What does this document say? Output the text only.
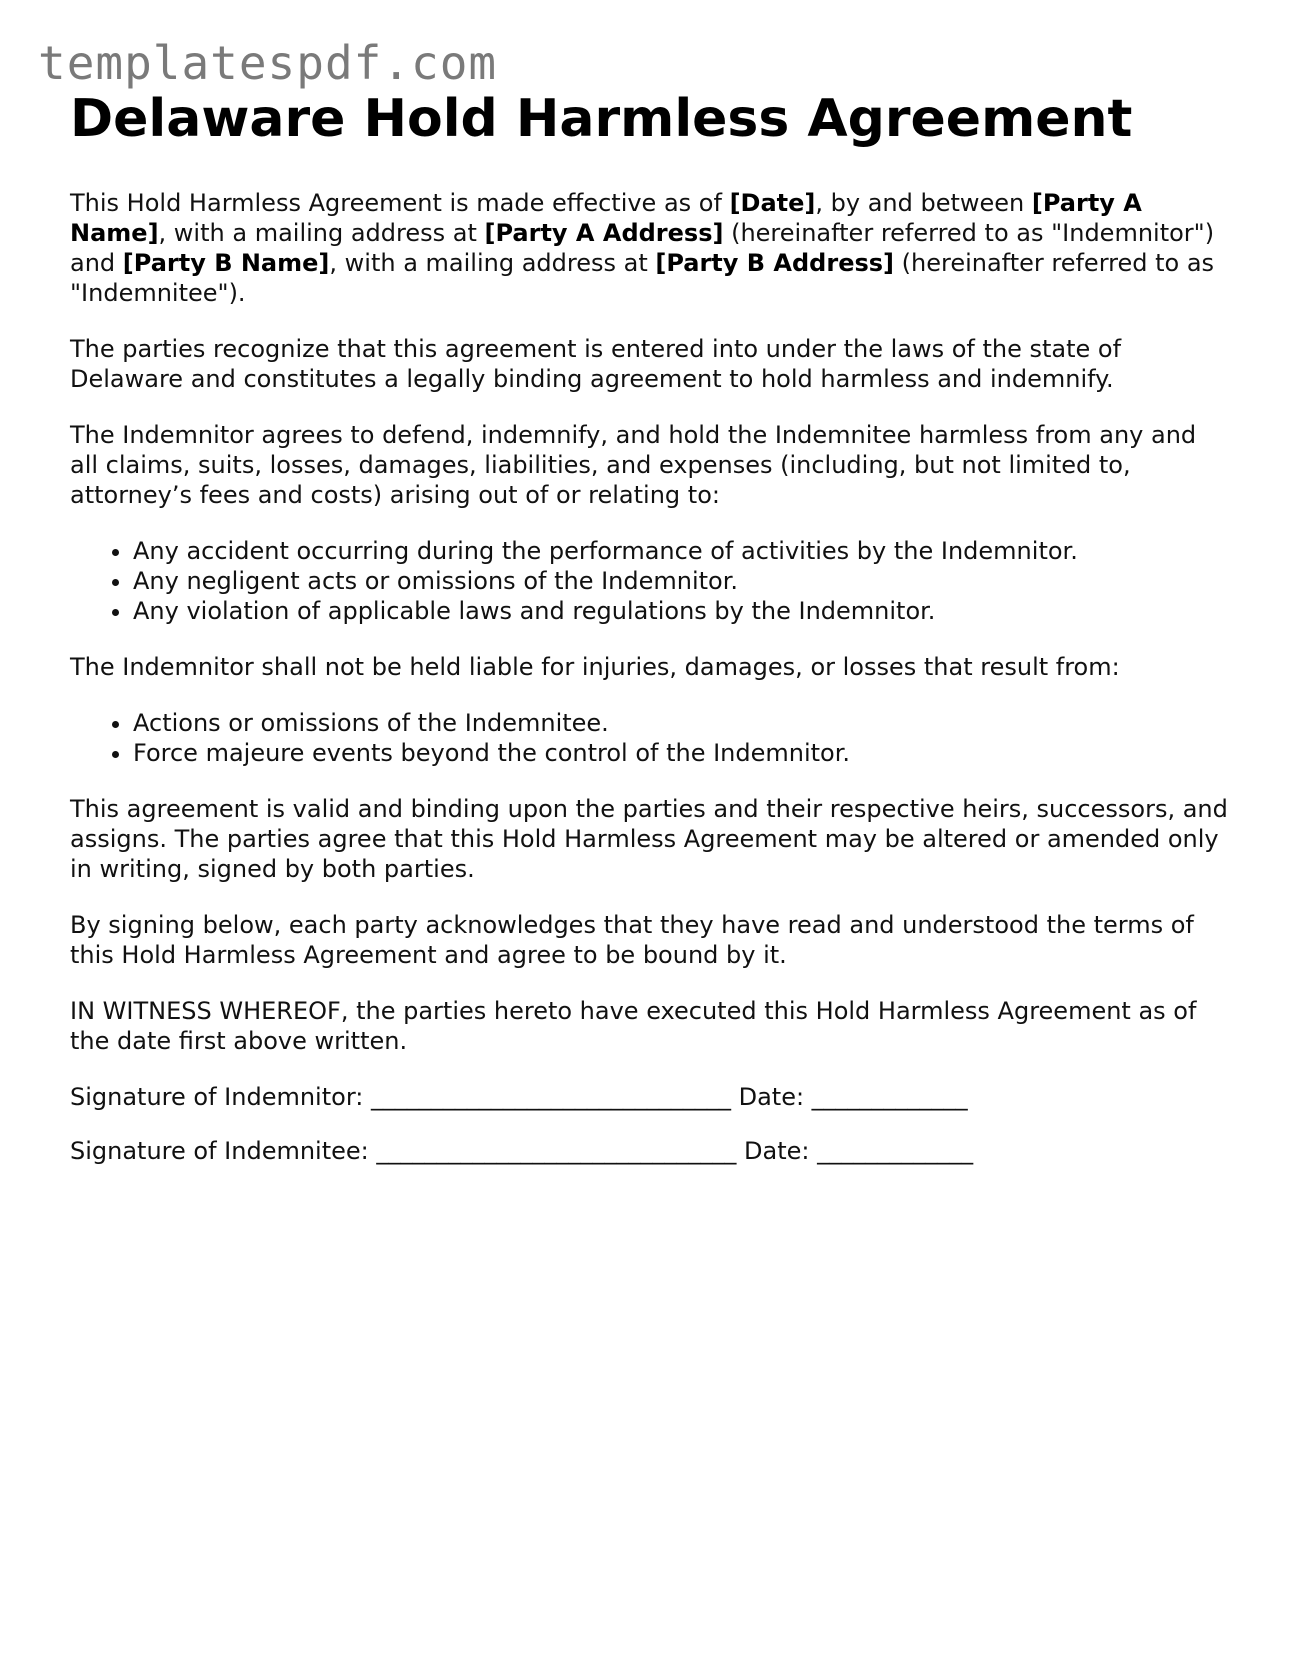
templatespdf.com
Delaware Hold Harmless Agreement

This Hold Harmless Agreement is made effective as of [Date], by and between [Party A Name], with a mailing address at [Party A Address] (hereinafter referred to as "Indemnitor") and [Party B Name], with a mailing address at [Party B Address] (hereinafter referred to as "Indemnitee").

The parties recognize that this agreement is entered into under the laws of the state of Delaware and constitutes a legally binding agreement to hold harmless and indemnify.

The Indemnitor agrees to defend, indemnify, and hold the Indemnitee harmless from any and all claims, suits, losses, damages, liabilities, and expenses (including, but not limited to, attorney’s fees and costs) arising out of or relating to:

• Any accident occurring during the performance of activities by the Indemnitor.
• Any negligent acts or omissions of the Indemnitor.
• Any violation of applicable laws and regulations by the Indemnitor.

The Indemnitor shall not be held liable for injuries, damages, or losses that result from:

• Actions or omissions of the Indemnitee.
• Force majeure events beyond the control of the Indemnitor.

This agreement is valid and binding upon the parties and their respective heirs, successors, and assigns. The parties agree that this Hold Harmless Agreement may be altered or amended only in writing, signed by both parties.

By signing below, each party acknowledges that they have read and understood the terms of this Hold Harmless Agreement and agree to be bound by it.

IN WITNESS WHEREOF, the parties hereto have executed this Hold Harmless Agreement as of the date first above written.

Signature of Indemnitor: ______________________________ Date: _____________

Signature of Indemnitee: ______________________________ Date: _____________
